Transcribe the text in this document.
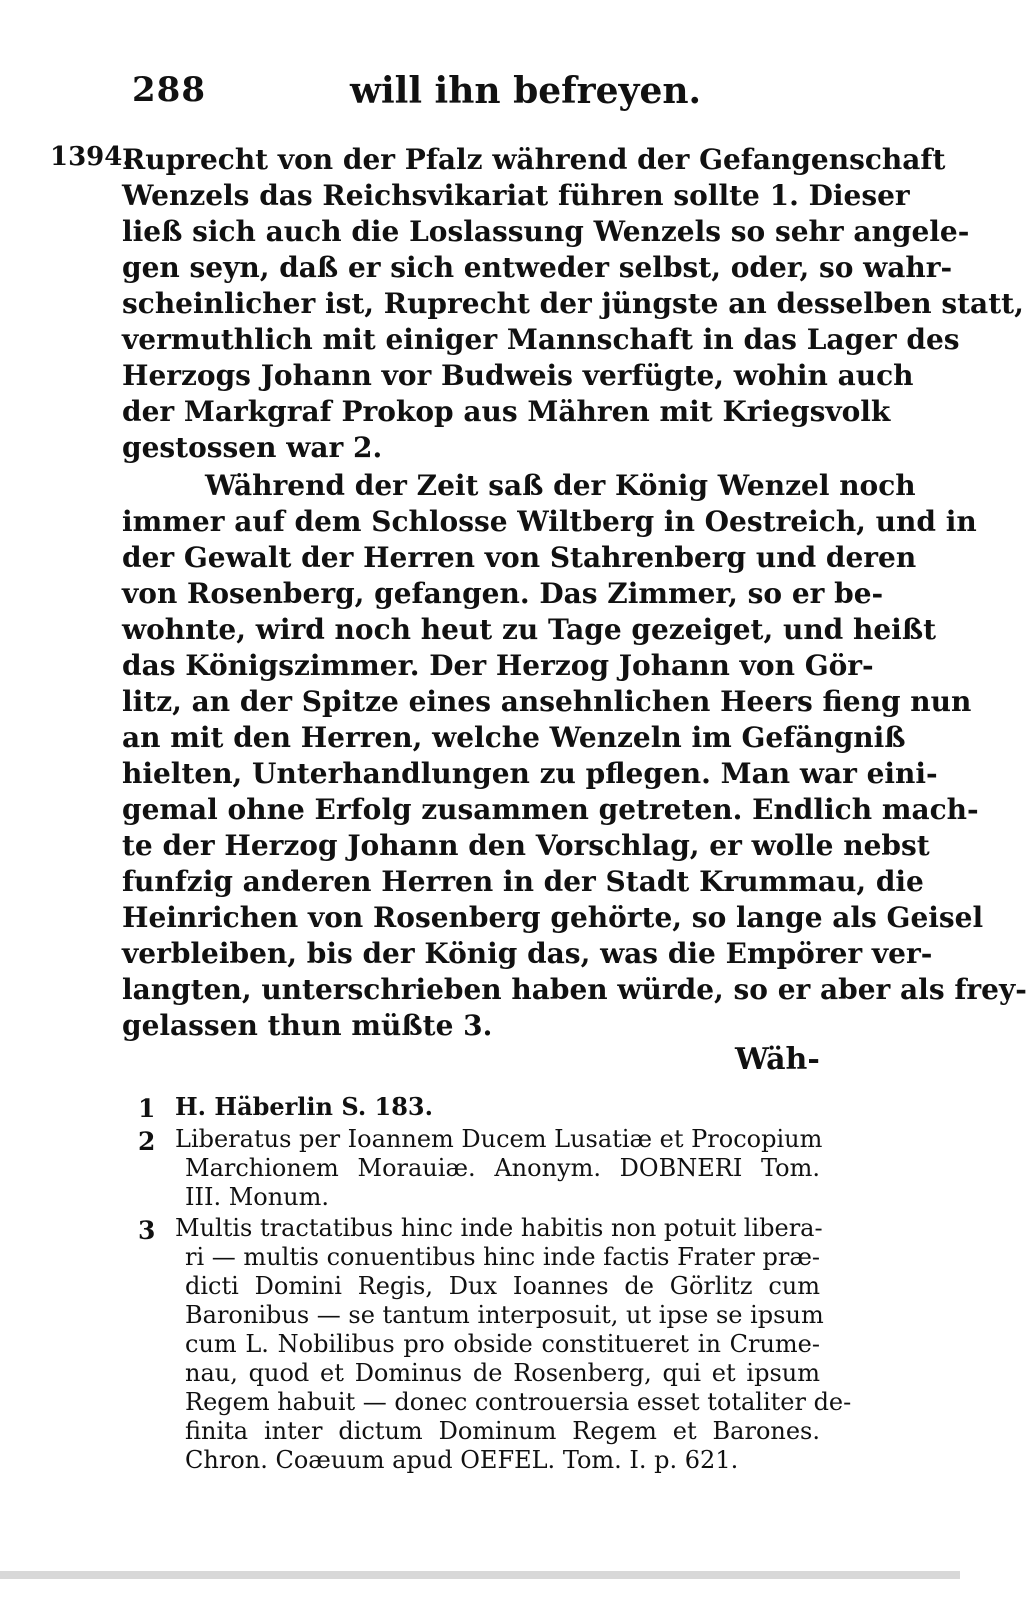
288	will ihn befreyen.
1394.
Ruprecht von der Pfalz während der Gefangenschaft
Wenzels das Reichsvikariat führen sollte 1. Dieser
ließ sich auch die Loslassung Wenzels so sehr angele-
gen seyn, daß er sich entweder selbst, oder, so wahr-
scheinlicher ist, Ruprecht der jüngste an desselben statt,
vermuthlich mit einiger Mannschaft in das Lager des
Herzogs Johann vor Budweis verfügte, wohin auch
der Markgraf Prokop aus Mähren mit Kriegsvolk
gestossen war 2.
Während der Zeit saß der König Wenzel noch
immer auf dem Schlosse Wiltberg in Oestreich, und in
der Gewalt der Herren von Stahrenberg und deren
von Rosenberg, gefangen. Das Zimmer, so er be-
wohnte, wird noch heut zu Tage gezeiget, und heißt
das Königszimmer. Der Herzog Johann von Gör-
litz, an der Spitze eines ansehnlichen Heers fieng nun
an mit den Herren, welche Wenzeln im Gefängniß
hielten, Unterhandlungen zu pflegen. Man war eini-
gemal ohne Erfolg zusammen getreten. Endlich mach-
te der Herzog Johann den Vorschlag, er wolle nebst
funfzig anderen Herren in der Stadt Krummau, die
Heinrichen von Rosenberg gehörte, so lange als Geisel
verbleiben, bis der König das, was die Empörer ver-
langten, unterschrieben haben würde, so er aber als frey-
gelassen thun müßte 3.
Wäh-
1 H. Häberlin S. 183.
2 Liberatus per Ioannem Ducem Lusatiæ et Procopium
Marchionem Morauiæ. Anonym. DOBNERI Tom.
III. Monum.
3 Multis tractatibus hinc inde habitis non potuit libera-
ri — multis conuentibus hinc inde factis Frater præ-
dicti Domini Regis, Dux Ioannes de Görlitz cum
Baronibus — se tantum interposuit, ut ipse se ipsum
cum L. Nobilibus pro obside constitueret in Crume-
nau, quod et Dominus de Rosenberg, qui et ipsum
Regem habuit — donec controuersia esset totaliter de-
finita inter dictum Dominum Regem et Barones.
Chron. Coæuum apud OEFEL. Tom. I. p. 621.
